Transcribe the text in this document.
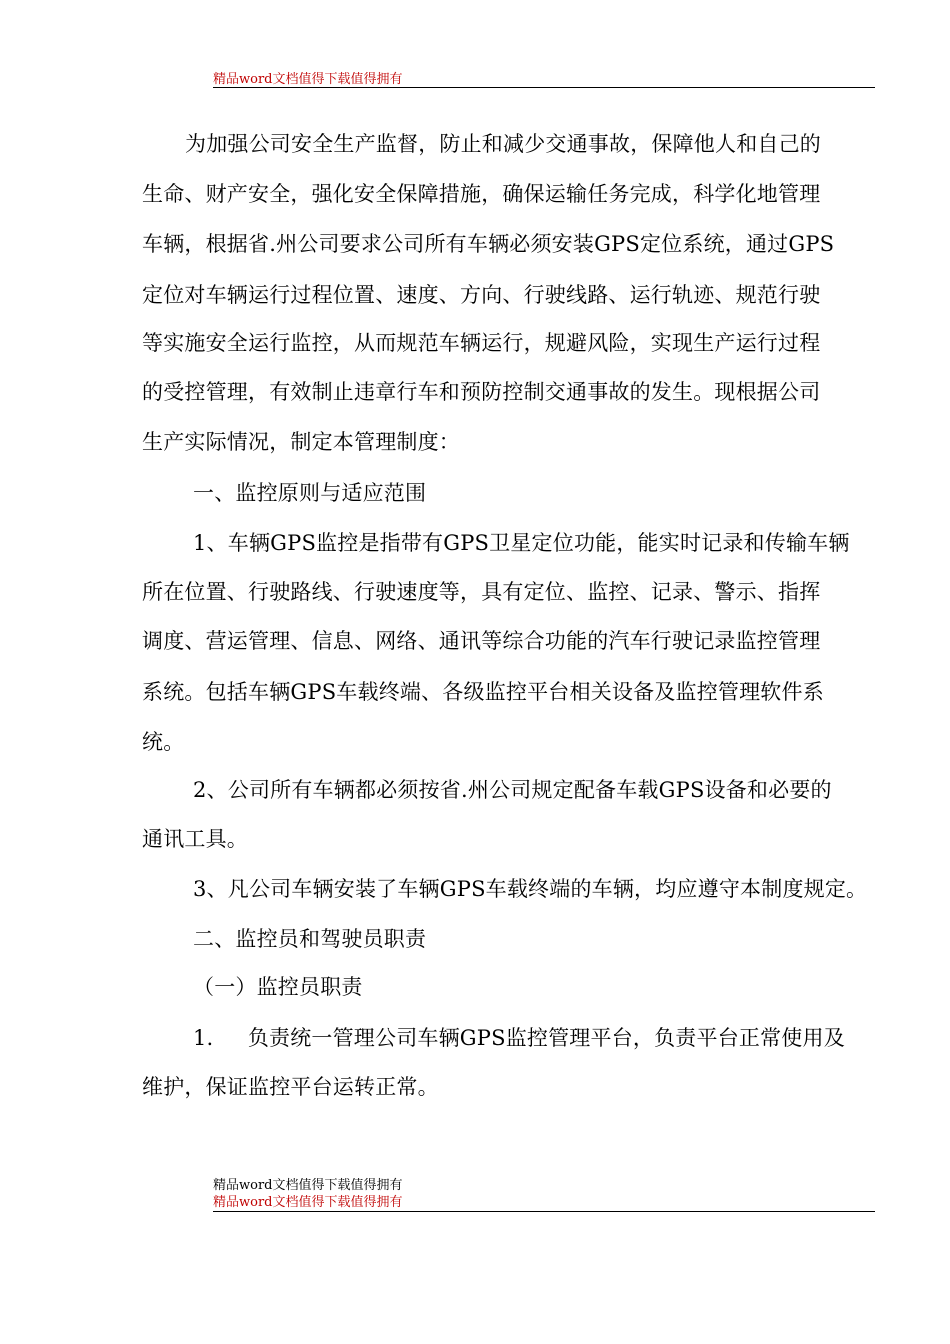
精品word文档值得下载值得拥有
为加强公司安全生产监督，防止和减少交通事故，保障他人和自己的
生命、财产安全，强化安全保障措施，确保运输任务完成，科学化地管理
车辆，根据省.州公司要求公司所有车辆必须安装GPS定位系统，通过GPS
定位对车辆运行过程位置、速度、方向、行驶线路、运行轨迹、规范行驶
等实施安全运行监控，从而规范车辆运行，规避风险，实现生产运行过程
的受控管理，有效制止违章行车和预防控制交通事故的发生。现根据公司
生产实际情况，制定本管理制度：
一、监控原则与适应范围
1、车辆GPS监控是指带有GPS卫星定位功能，能实时记录和传输车辆
所在位置、行驶路线、行驶速度等，具有定位、监控、记录、警示、指挥
调度、营运管理、信息、网络、通讯等综合功能的汽车行驶记录监控管理
系统。包括车辆GPS车载终端、各级监控平台相关设备及监控管理软件系
统。
2、公司所有车辆都必须按省.州公司规定配备车载GPS设备和必要的
通讯工具。
3、凡公司车辆安装了车辆GPS车载终端的车辆，均应遵守本制度规定。
二、监控员和驾驶员职责
（一）监控员职责
1.     负责统一管理公司车辆GPS监控管理平台，负责平台正常使用及
维护，保证监控平台运转正常。
精品word文档值得下载值得拥有
精品word文档值得下载值得拥有
